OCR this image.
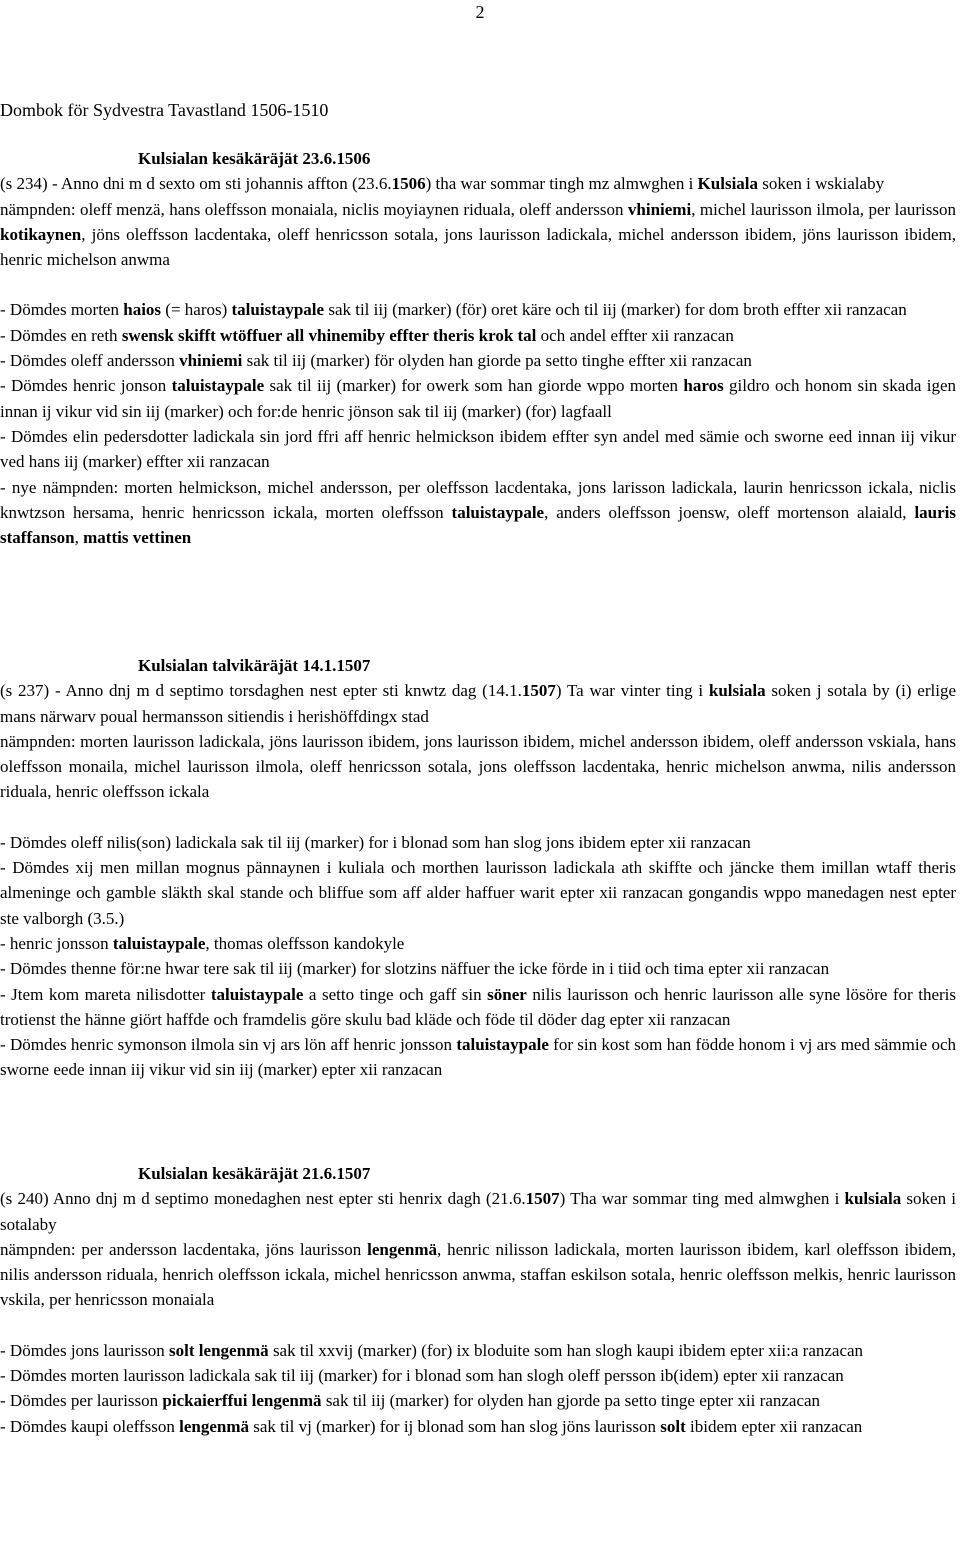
2
Dombok för Sydvestra Tavastland 1506-1510

Kulsialan kesäkäräjät 23.6.1506

(s 234) - Anno dni m d sexto om sti johannis affton (23.6.1506) tha war sommar tingh mz almwghen i Kulsiala soken i wskialaby

nämpnden: oleff menzä, hans oleffsson monaiala, niclis moyiaynen riduala, oleff andersson vhiniemi, michel laurisson ilmola, per laurisson kotikaynen, jöns oleffsson lacdentaka, oleff henricsson sotala, jons laurisson ladickala, michel andersson ibidem, jöns laurisson ibidem, henric michelson anwma

- Dömdes morten haios (= haros) taluistaypale sak til iij (marker) (för) oret käre och til iij (marker) for dom broth effter xii ranzacan

- Dömdes en reth swensk skifft wtöffuer all vhinemiby effter theris krok tal och andel effter xii ranzacan

- Dömdes oleff andersson vhiniemi sak til iij (marker) för olyden han giorde pa setto tinghe effter xii ranzacan

- Dömdes henric jonson taluistaypale sak til iij (marker) for owerk som han giorde wppo morten haros gildro och honom sin skada igen innan ij vikur vid sin iij (marker) och for:de henric jönson sak til iij (marker) (for) lagfaall

- Dömdes elin pedersdotter ladickala sin jord ffri aff henric helmickson ibidem effter syn andel med sämie och sworne eed innan iij vikur ved hans iij (marker) effter xii ranzacan

- nye nämpnden: morten helmickson, michel andersson, per oleffsson lacdentaka, jons larisson ladickala, laurin henricsson ickala, niclis knwtzson hersama, henric henricsson ickala, morten oleffsson taluistaypale, anders oleffsson joensw, oleff mortenson alaiald, lauris staffanson, mattis vettinen

Kulsialan talvikäräjät 14.1.1507

(s 237) - Anno dnj m d septimo torsdaghen nest epter sti knwtz dag (14.1.1507) Ta war vinter ting i kulsiala soken j sotala by (i) erlige mans närwarv poual hermansson sitiendis i herishöffdingx stad

nämpnden: morten laurisson ladickala, jöns laurisson ibidem, jons laurisson ibidem, michel andersson ibidem, oleff andersson vskiala, hans oleffsson monaila, michel laurisson ilmola, oleff henricsson sotala, jons oleffsson lacdentaka, henric michelson anwma, nilis andersson riduala, henric oleffsson ickala

- Dömdes oleff nilis(son) ladickala sak til iij (marker) for i blonad som han slog jons ibidem epter xii ranzacan

- Dömdes xij men millan mognus pännaynen i kuliala och morthen laurisson ladickala ath skiffte och jäncke them imillan wtaff theris almeninge och gamble släkth skal stande och bliffue som aff alder haffuer warit epter xii ranzacan gongandis wppo manedagen nest epter ste valborgh (3.5.)

- henric jonsson taluistaypale, thomas oleffsson kandokyle

- Dömdes thenne för:ne hwar tere sak til iij (marker) for slotzins näffuer the icke förde in i tiid och tima epter xii ranzacan

- Jtem kom mareta nilisdotter taluistaypale a setto tinge och gaff sin söner nilis laurisson och henric laurisson alle syne lösöre for theris trotienst the hänne giört haffde och framdelis göre skulu bad kläde och föde til döder dag epter xii ranzacan

- Dömdes henric symonson ilmola sin vj ars lön aff henric jonsson taluistaypale for sin kost som han födde honom i vj ars med sämmie och sworne eede innan iij vikur vid sin iij (marker) epter xii ranzacan

Kulsialan kesäkäräjät 21.6.1507

(s 240) Anno dnj m d septimo monedaghen nest epter sti henrix dagh (21.6.1507) Tha war sommar ting med almwghen i kulsiala soken i sotalaby

nämpnden: per andersson lacdentaka, jöns laurisson lengenmä, henric nilisson ladickala, morten laurisson ibidem, karl oleffsson ibidem, nilis andersson riduala, henrich oleffsson ickala, michel henricsson anwma, staffan eskilson sotala, henric oleffsson melkis, henric laurisson vskila, per henricsson monaiala

- Dömdes jons laurisson solt lengenmä sak til xxvij (marker) (for) ix bloduite som han slogh kaupi ibidem epter xii:a ranzacan

- Dömdes morten laurisson ladickala sak til iij (marker) for i blonad som han slogh oleff persson ib(idem) epter xii ranzacan

- Dömdes per laurisson pickaierffui lengenmä sak til iij (marker) for olyden han gjorde pa setto tinge epter xii ranzacan

- Dömdes kaupi oleffsson lengenmä sak til vj (marker) for ij blonad som han slog jöns laurisson solt ibidem epter xii ranzacan
